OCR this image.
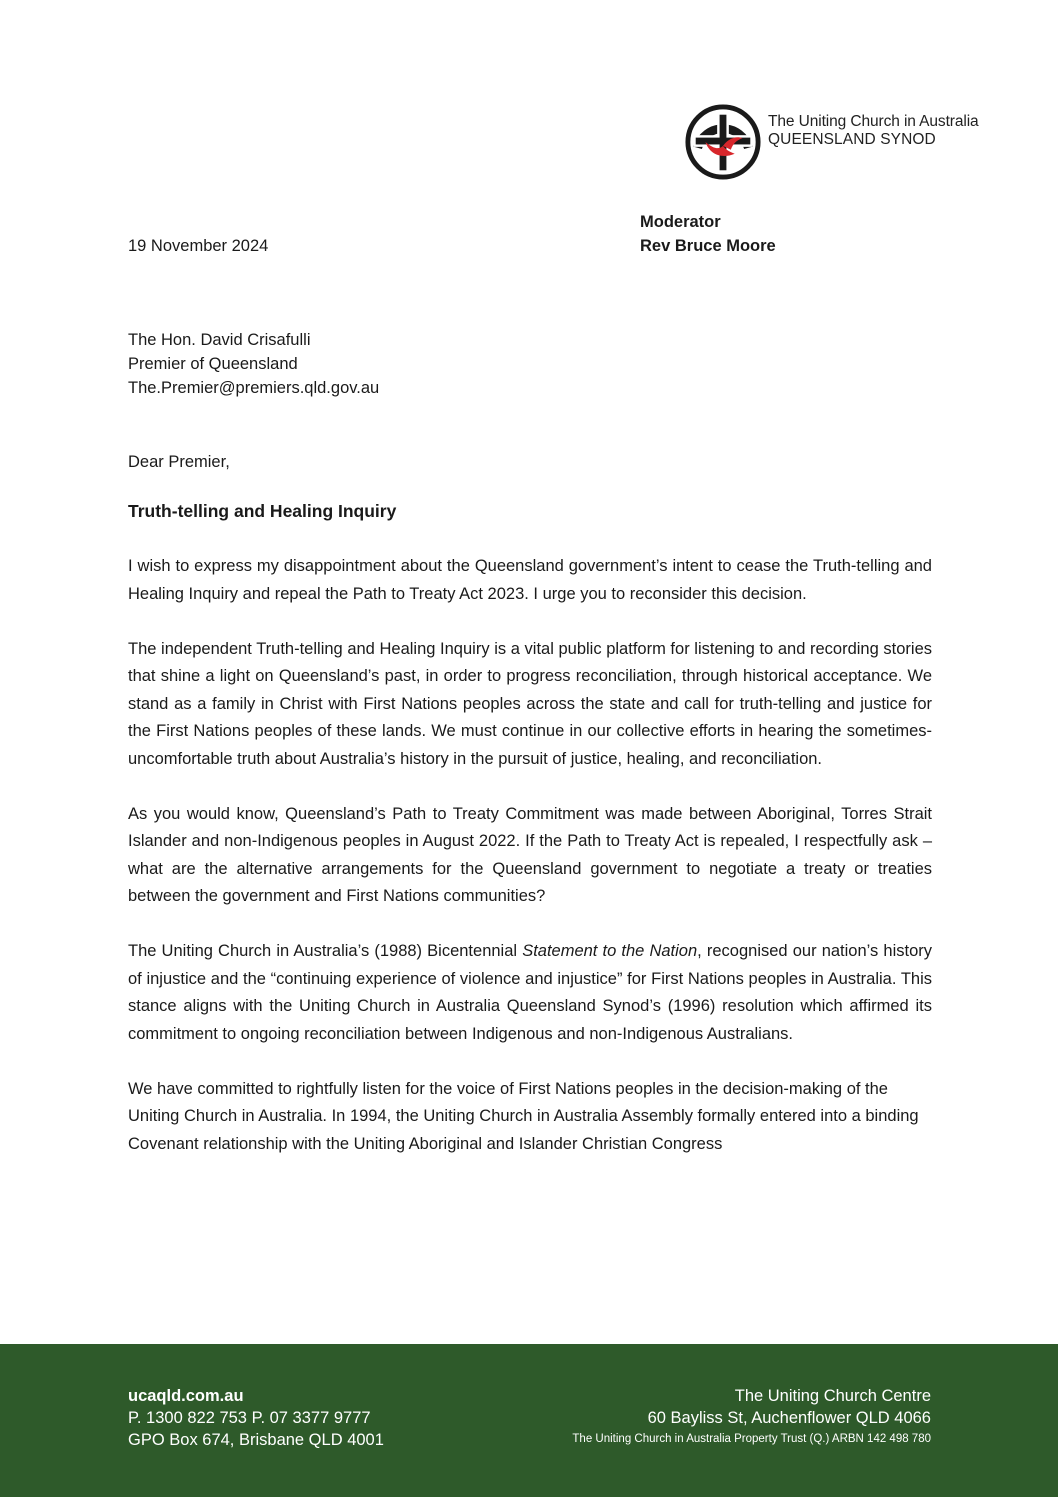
The Uniting Church in Australia
QUEENSLAND SYNOD
Moderator
Rev Bruce Moore
19 November 2024
The Hon. David Crisafulli
Premier of Queensland
The.Premier@premiers.qld.gov.au
Dear Premier,
Truth-telling and Healing Inquiry

I wish to express my disappointment about the Queensland government’s intent to cease the Truth-telling and Healing Inquiry and repeal the Path to Treaty Act 2023. I urge you to reconsider this decision.

The independent Truth-telling and Healing Inquiry is a vital public platform for listening to and recording stories that shine a light on Queensland’s past, in order to progress reconciliation, through historical acceptance. We stand as a family in Christ with First Nations peoples across the state and call for truth-telling and justice for the First Nations peoples of these lands. We must continue in our collective efforts in hearing the sometimes-uncomfortable truth about Australia’s history in the pursuit of justice, healing, and reconciliation.

As you would know, Queensland’s Path to Treaty Commitment was made between Aboriginal, Torres Strait Islander and non-Indigenous peoples in August 2022. If the Path to Treaty Act is repealed, I respectfully ask – what are the alternative arrangements for the Queensland government to negotiate a treaty or treaties between the government and First Nations communities?

The Uniting Church in Australia’s (1988) Bicentennial Statement to the Nation, recognised our nation’s history of injustice and the “continuing experience of violence and injustice” for First Nations peoples in Australia. This stance aligns with the Uniting Church in Australia Queensland Synod’s (1996) resolution which affirmed its commitment to ongoing reconciliation between Indigenous and non-Indigenous Australians.

We have committed to rightfully listen for the voice of First Nations peoples in the decision-making of the Uniting Church in Australia. In 1994, the Uniting Church in Australia Assembly formally entered into a binding Covenant relationship with the Uniting Aboriginal and Islander Christian Congress

ucaqld.com.au
P. 1300 822 753 P. 07 3377 9777
GPO Box 674, Brisbane QLD 4001
The Uniting Church Centre
60 Bayliss St, Auchenflower QLD 4066
The Uniting Church in Australia Property Trust (Q.) ARBN 142 498 780
